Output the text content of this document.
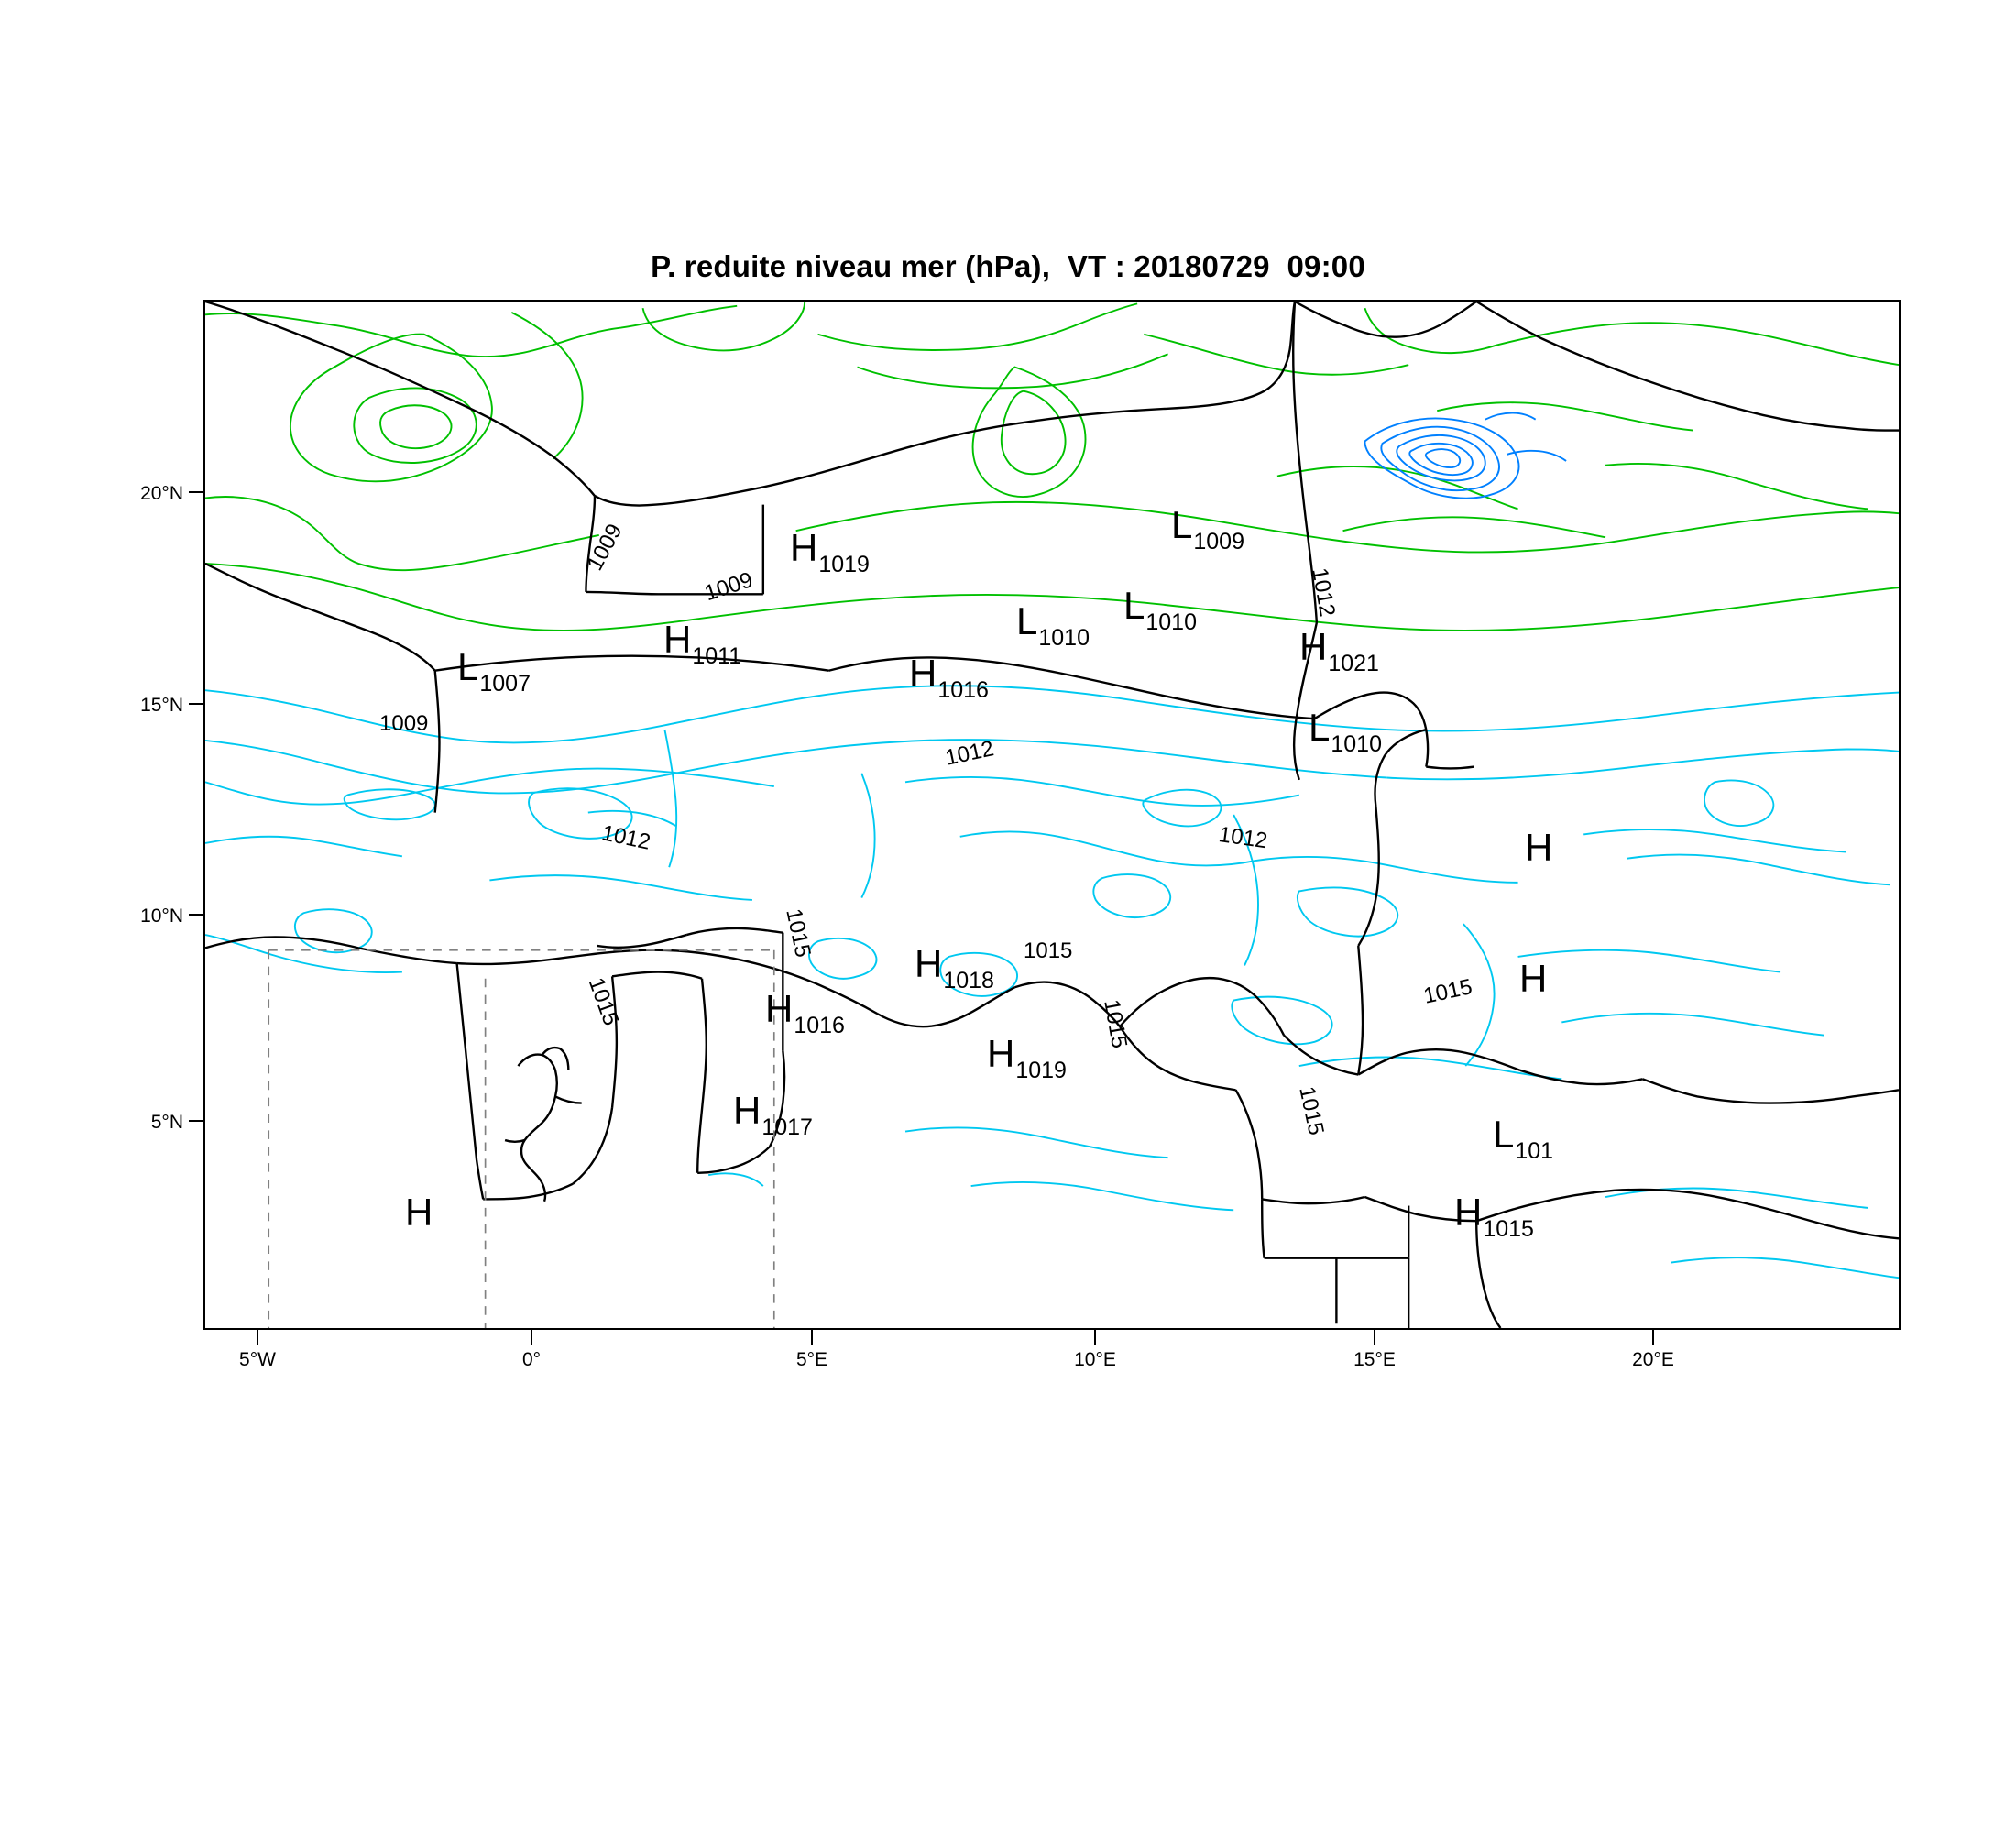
P. reduite niveau mer (hPa),  VT : 20180729  09:00
20°N
15°N
10°N
5°N
5°W	0°	5°E	10°E	15°E	20°E
1009
1009
1009
1012
1012
1012
1012
1015
1015
1015
1015
1015
1015
L1007
H1011
H1019
L1009
L1010
L1010	H1021
H1016
L1010
H
H1018
H1016
H
H1019
H1017	L101
H	H1015
